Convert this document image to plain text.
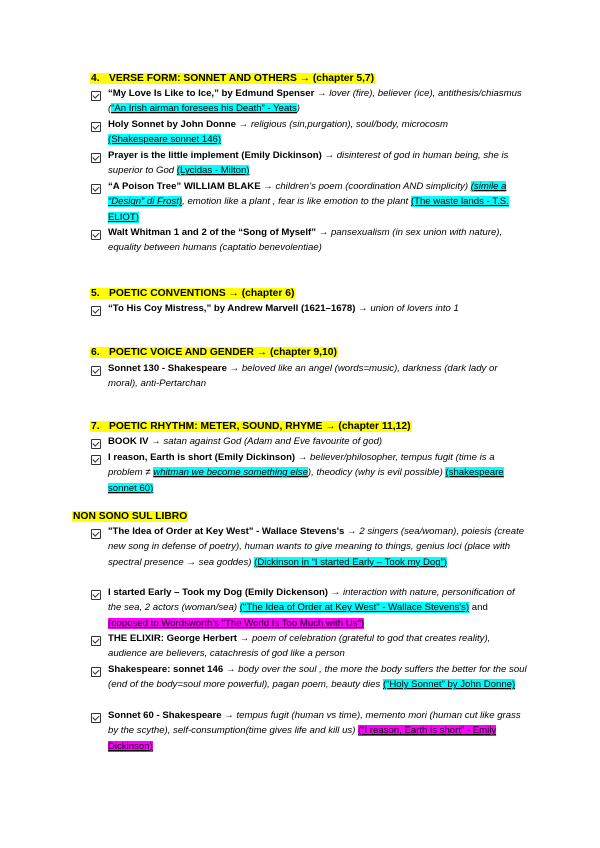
4. VERSE FORM: SONNET AND OTHERS → (chapter 5,7)
“My Love Is Like to Ice,” by Edmund Spenser → lover (fire), believer (ice), antithesis/chiasmus (“An Irish airman foresees his Death” - Yeats)
Holy Sonnet by John Donne → religious (sin,purgation), soul/body, microcosm (Shakespeare sonnet 146)
Prayer is the little implement (Emily Dickinson) → disinterest of god in human being, she is superior to God (Lycidas - Milton)
“A Poison Tree” WILLIAM BLAKE → children’s poem (coordination AND simplicity) (simile a “Design” di Frost), emotion like a plant , fear is like emotion to the plant (The waste lands - T.S. ELIOT)
Walt Whitman 1 and 2 of the “Song of Myself” → pansexualism (in sex union with nature), equality between humans (captatio benevolentiae)
5. POETIC CONVENTIONS → (chapter 6)
“To His Coy Mistress,” by Andrew Marvell (1621–1678) → union of lovers into 1
6. POETIC VOICE AND GENDER → (chapter 9,10)
Sonnet 130 - Shakespeare → beloved like an angel (words=music), darkness (dark lady or moral), anti-Pertarchan
7. POETIC RHYTHM: METER, SOUND, RHYME → (chapter 11,12)
BOOK IV → satan against God (Adam and Eve favourite of god)
I reason, Earth is short (Emily Dickinson) → believer/philosopher, tempus fugit (time is a problem ≠ whitman we become something else), theodicy (why is evil possible) (shakespeare sonnet 60)
NON SONO SUL LIBRO
"The Idea of Order at Key West" - Wallace Stevens's → 2 singers (sea/woman), poiesis (create new song in defense of poetry), human wants to give meaning to things, genius loci (place with spectral presence → sea goddes) (Dickinson in “I started Early – Took my Dog”)
I started Early – Took my Dog (Emily Dickenson) → interaction with nature, personification of the sea, 2 actors (woman/sea) ("The Idea of Order at Key West" - Wallace Stevens's) and (opposed to Wordsworth's "The World Is Too Much with Us")
THE ELIXIR: George Herbert → poem of celebration (grateful to god that creates reality), audience are believers, catachresis of god like a person
Shakespeare: sonnet 146 → body over the soul , the more the body suffers the better for the soul (end of the body=soul more powerful), pagan poem, beauty dies (“Holy Sonnet” by John Donne)
Sonnet 60 - Shakespeare → tempus fugit (human vs time), memento mori (human cut like grass by the scythe), self-consumption(time gives life and kill us) (“I reason, Earth is short” - Emily Dickinson)
